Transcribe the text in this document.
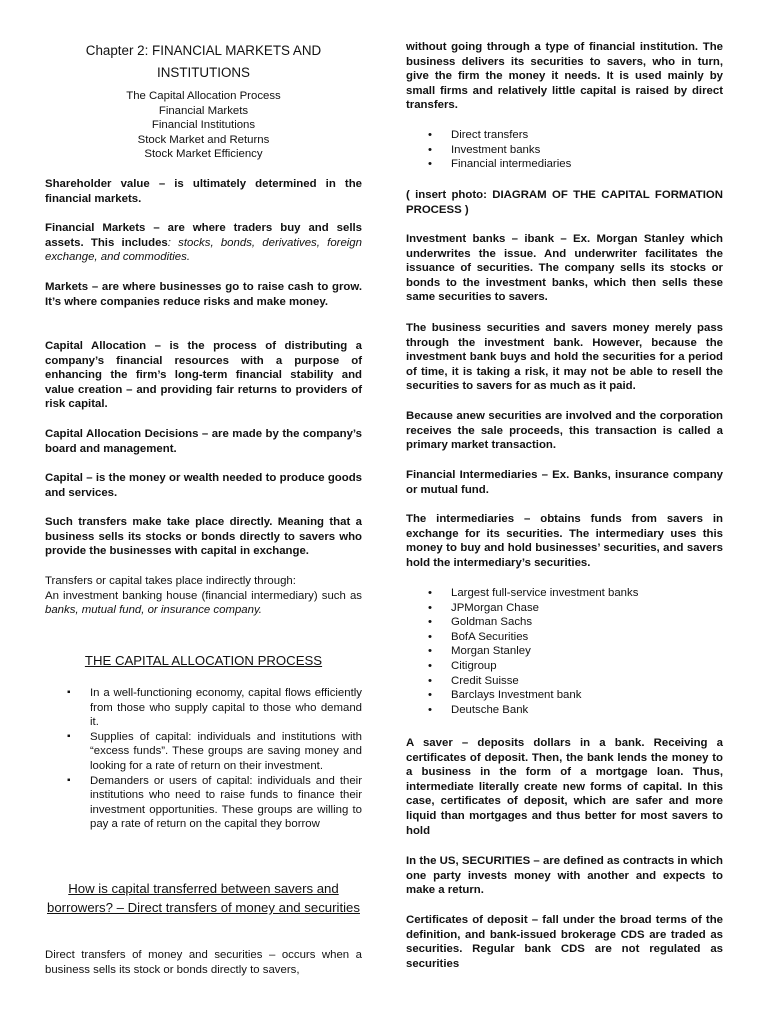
Chapter 2: FINANCIAL MARKETS AND INSTITUTIONS
The Capital Allocation Process
Financial Markets
Financial Institutions
Stock Market and Returns
Stock Market Efficiency

Shareholder value – is ultimately determined in the financial markets.

Financial Markets – are where traders buy and sells assets. This includes: stocks, bonds, derivatives, foreign exchange, and commodities.

Markets – are where businesses go to raise cash to grow. It’s where companies reduce risks and make money.

Capital Allocation – is the process of distributing a company’s financial resources with a purpose of enhancing the firm’s long-term financial stability and value creation – and providing fair returns to providers of risk capital.

Capital Allocation Decisions – are made by the company’s board and management.

Capital – is the money or wealth needed to produce goods and services.

Such transfers make take place directly. Meaning that a business sells its stocks or bonds directly to savers who provide the businesses with capital in exchange.

Transfers or capital takes place indirectly through:

An investment banking house (financial intermediary) such as banks, mutual fund, or insurance company.

THE CAPITAL ALLOCATION PROCESS
▪ In a well-functioning economy, capital flows efficiently from those who supply capital to those who demand it.
▪ Supplies of capital: individuals and institutions with “excess funds”. These groups are saving money and looking for a rate of return on their investment.
▪ Demanders or users of capital: individuals and their institutions who need to raise funds to finance their investment opportunities. These groups are willing to pay a rate of return on the capital they borrow
How is capital transferred between savers and borrowers? – Direct transfers of money and securities

Direct transfers of money and securities – occurs when a business sells its stock or bonds directly to savers,

without going through a type of financial institution. The business delivers its securities to savers, who in turn, give the firm the money it needs. It is used mainly by small firms and relatively little capital is raised by direct transfers.

• Direct transfers
• Investment banks
• Financial intermediaries

( insert photo: DIAGRAM OF THE CAPITAL FORMATION PROCESS )

Investment banks – ibank – Ex. Morgan Stanley which underwrites the issue. And underwriter facilitates the issuance of securities. The company sells its stocks or bonds to the investment banks, which then sells these same securities to savers.

The business securities and savers money merely pass through the investment bank. However, because the investment bank buys and hold the securities for a period of time, it is taking a risk, it may not be able to resell the securities to savers for as much as it paid.

Because anew securities are involved and the corporation receives the sale proceeds, this transaction is called a primary market transaction.

Financial Intermediaries – Ex. Banks, insurance company or mutual fund.

The intermediaries – obtains funds from savers in exchange for its securities. The intermediary uses this money to buy and hold businesses’ securities, and savers hold the intermediary’s securities.

• Largest full-service investment banks
• JPMorgan Chase
• Goldman Sachs
• BofA Securities
• Morgan Stanley
• Citigroup
• Credit Suisse
• Barclays Investment bank
• Deutsche Bank

A saver – deposits dollars in a bank. Receiving a certificates of deposit. Then, the bank lends the money to a business in the form of a mortgage loan. Thus, intermediate literally create new forms of capital. In this case, certificates of deposit, which are safer and more liquid than mortgages and thus better for most savers to hold

In the US, SECURITIES – are defined as contracts in which one party invests money with another and expects to make a return.

Certificates of deposit – fall under the broad terms of the definition, and bank-issued brokerage CDS are traded as securities. Regular bank CDS are not regulated as securities
